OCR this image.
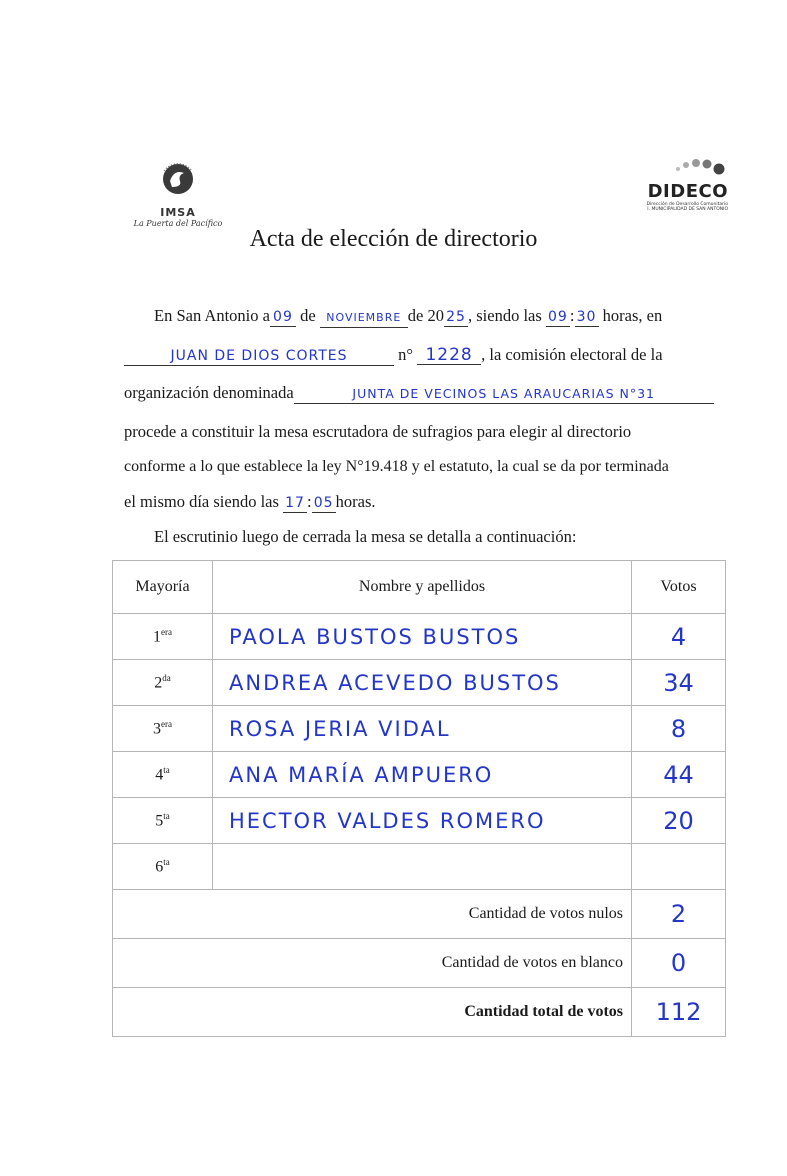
IMSA
La Puerta del Pacífico
DIDECO
Dirección de Desarrollo Comunitario
I. MUNICIPALIDAD DE SAN ANTONIO
Acta de elección de directorio
En San Antonio a 09 de NOVIEMBRE de 20 25 , siendo las 09 : 30 horas, en
JUAN DE DIOS CORTES	n° 1228 , la comisión electoral de la
organización denominada	JUNTA DE VECINOS LAS ARAUCARIAS N°31
procede a constituir la mesa escrutadora de sufragios para elegir al directorio
conforme a lo que establece la ley N°19.418 y el estatuto, la cual se da por terminada
el mismo día siendo las 17 : 05 horas.
El escrutinio luego de cerrada la mesa se detalla a continuación:
Mayoría	Nombre y apellidos	Votos
$1^{era}$	PAOLA BUSTOS BUSTOS	4
$2^{da}$	ANDREA ACEVEDO BUSTOS	34
$3^{era}$	ROSA JERIA VIDAL	8
$4^{ta}$	ANA MARÍA AMPUERO	44
$5^{ta}$	HECTOR VALDES ROMERO	20
$6^{ta}$		
Cantidad de votos nulos		2
Cantidad de votos en blanco		0
Cantidad total de votos		112
